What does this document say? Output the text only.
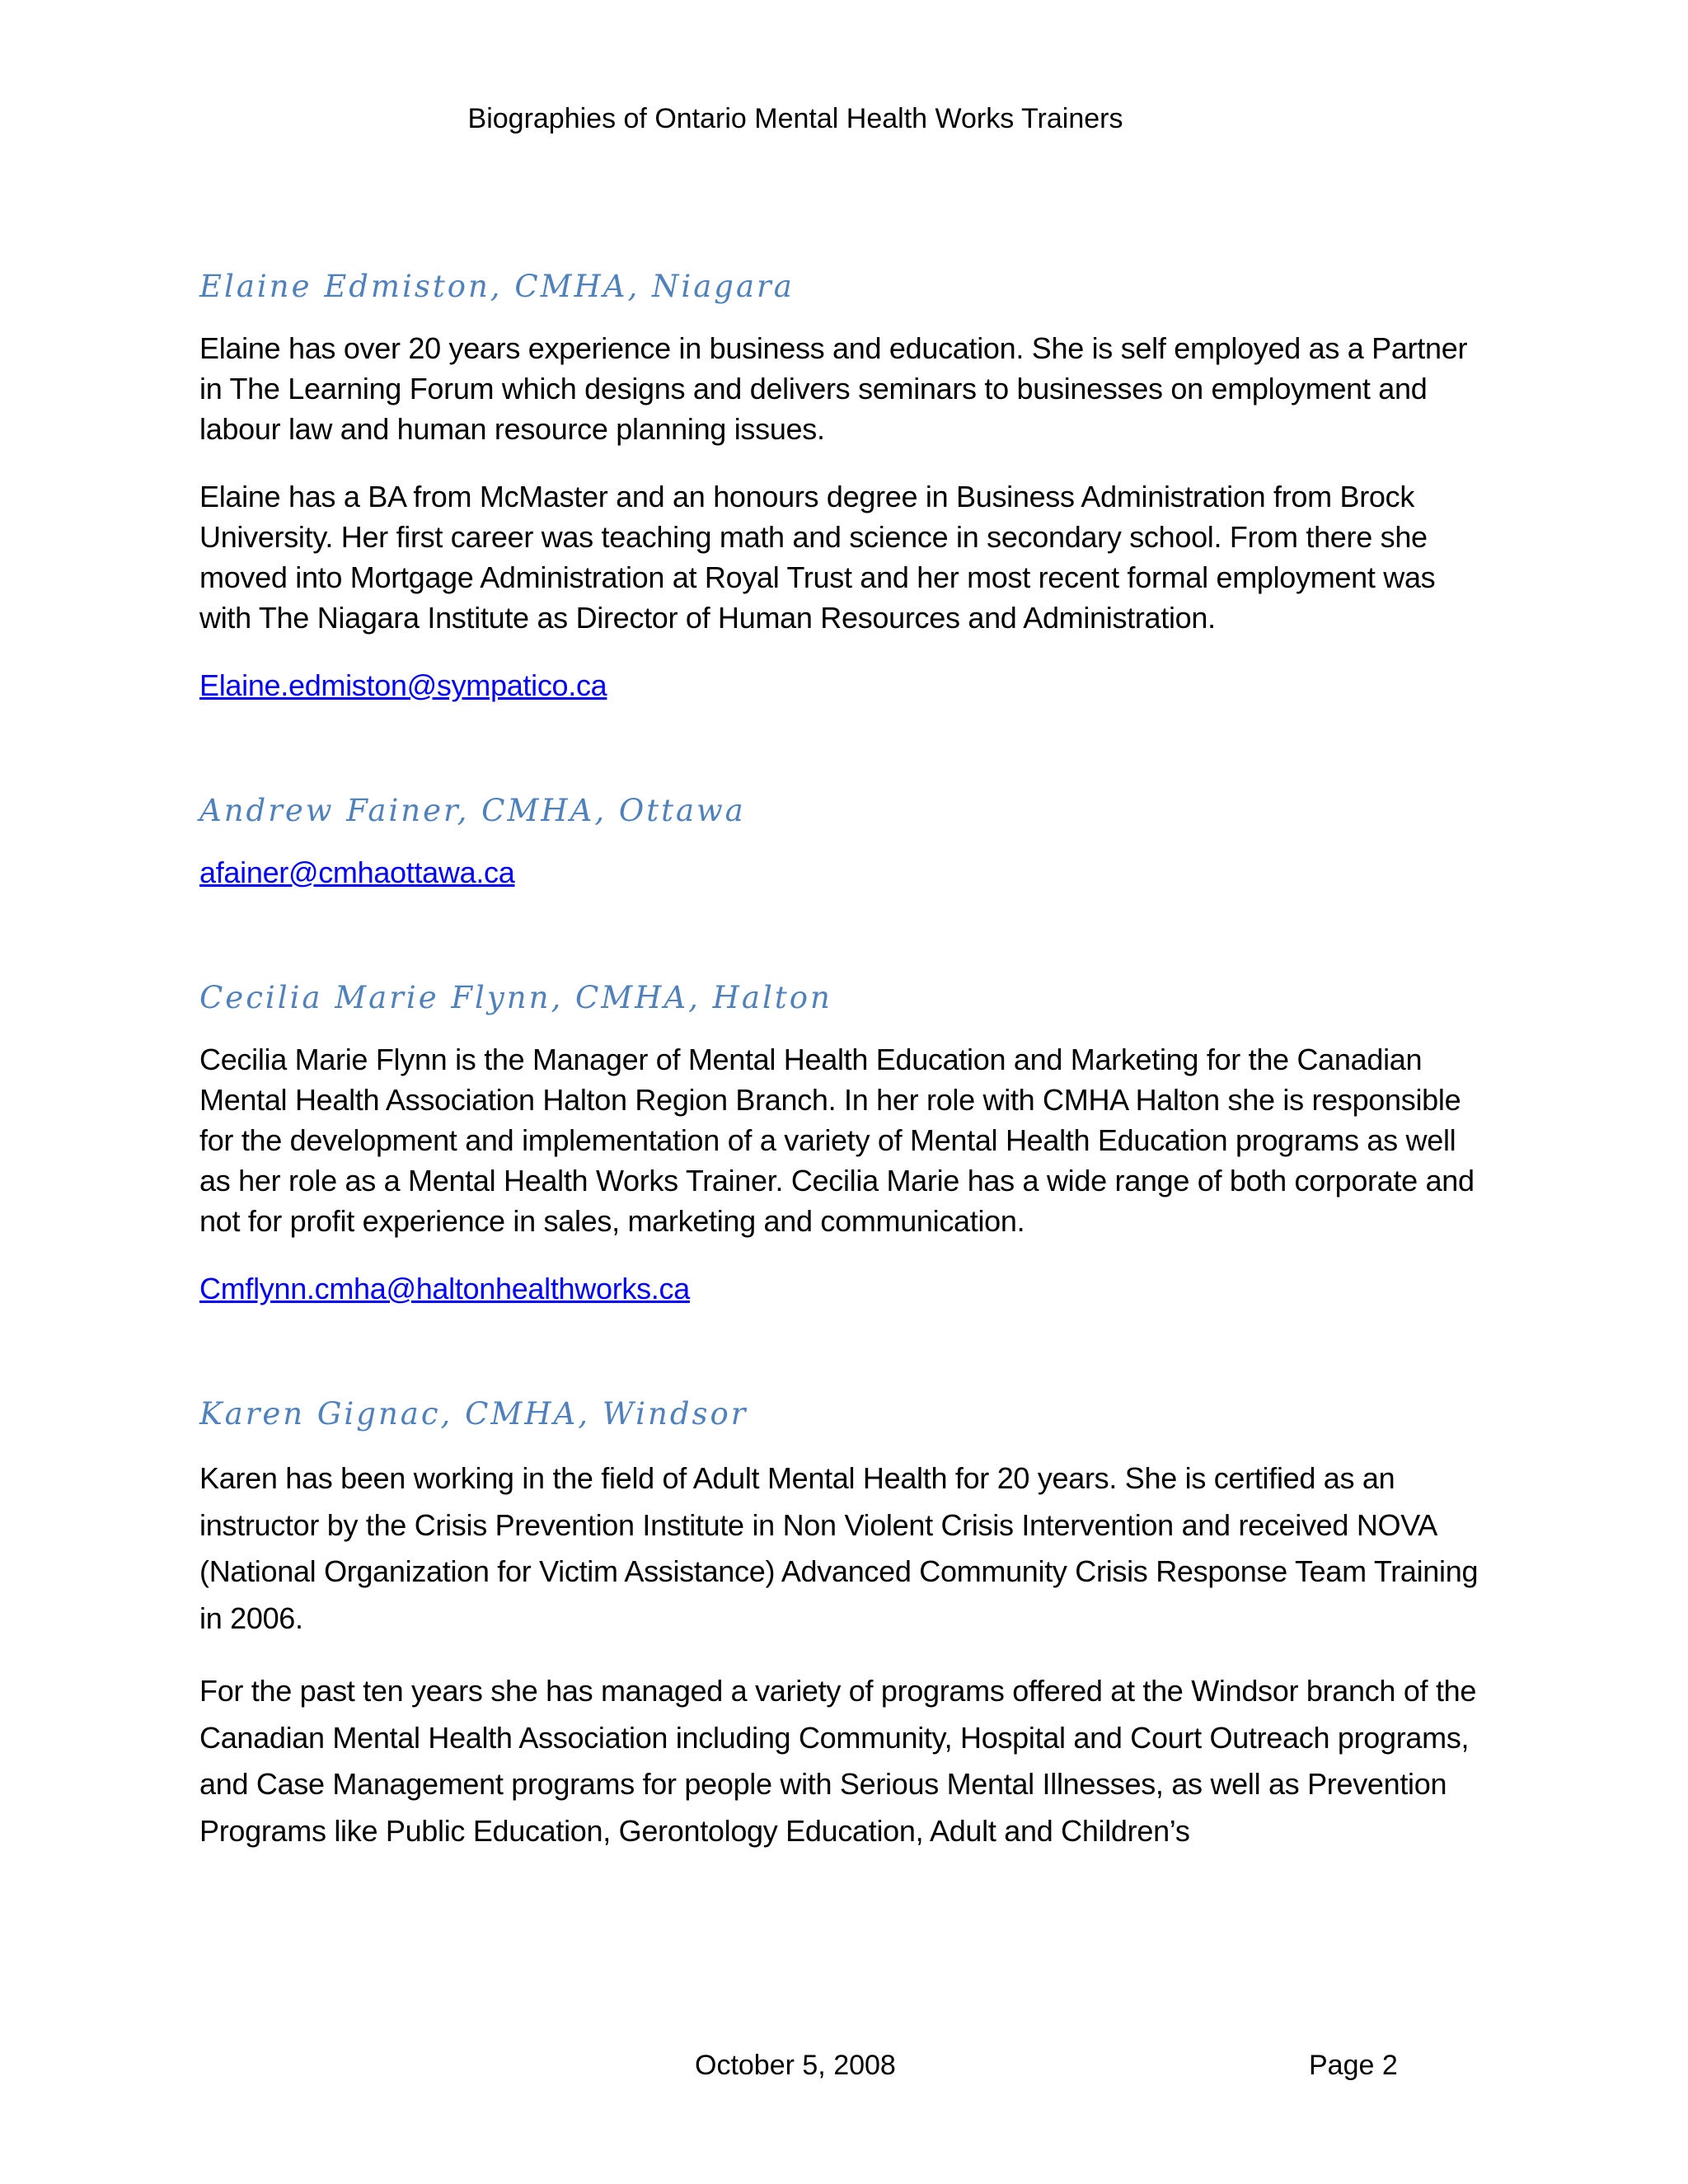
Biographies of Ontario Mental Health Works Trainers
Elaine Edmiston, CMHA, Niagara

Elaine has over 20 years experience in business and education. She is self employed as a Partner in The Learning Forum which designs and delivers seminars to businesses on employment and labour law and human resource planning issues.

Elaine has a BA from McMaster and an honours degree in Business Administration from Brock University. Her first career was teaching math and science in secondary school. From there she moved into Mortgage Administration at Royal Trust and her most recent formal employment was with The Niagara Institute as Director of Human Resources and Administration.

Elaine.edmiston@sympatico.ca
Andrew Fainer, CMHA, Ottawa
afainer@cmhaottawa.ca
Cecilia Marie Flynn, CMHA, Halton

Cecilia Marie Flynn is the Manager of Mental Health Education and Marketing for the Canadian Mental Health Association Halton Region Branch. In her role with CMHA Halton she is responsible for the development and implementation of a variety of Mental Health Education programs as well as her role as a Mental Health Works Trainer. Cecilia Marie has a wide range of both corporate and not for profit experience in sales, marketing and communication.

Cmflynn.cmha@haltonhealthworks.ca
Karen Gignac, CMHA, Windsor

Karen has been working in the field of Adult Mental Health for 20 years. She is certified as an instructor by the Crisis Prevention Institute in Non Violent Crisis Intervention and received NOVA (National Organization for Victim Assistance) Advanced Community Crisis Response Team Training in 2006.

For the past ten years she has managed a variety of programs offered at the Windsor branch of the Canadian Mental Health Association including Community, Hospital and Court Outreach programs, and Case Management programs for people with Serious Mental Illnesses, as well as Prevention Programs like Public Education, Gerontology Education, Adult and Children’s

October 5, 2008	Page 2
